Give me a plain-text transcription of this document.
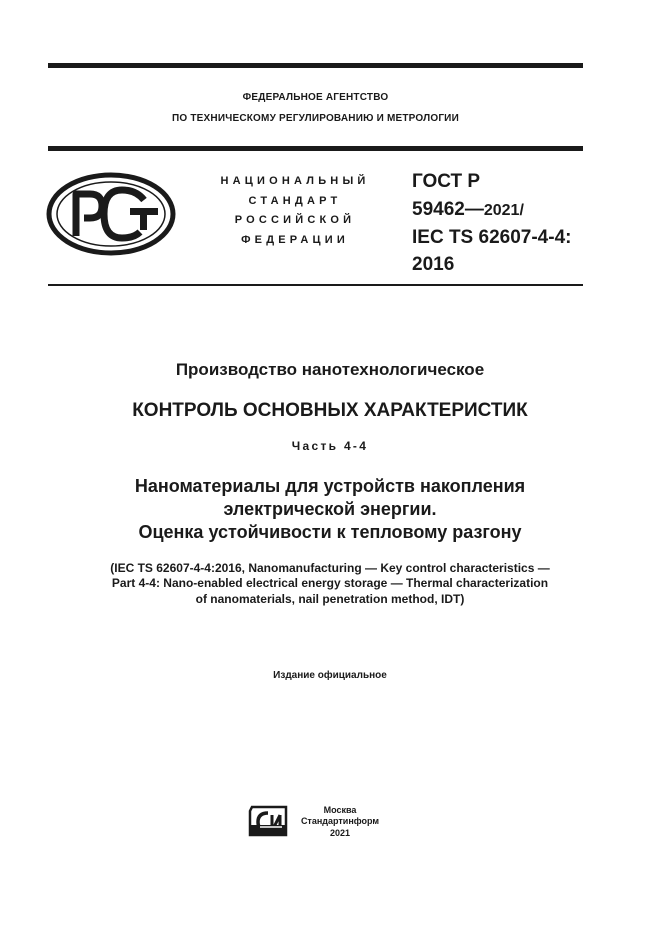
ФЕДЕРАЛЬНОЕ АГЕНТСТВО
ПО ТЕХНИЧЕСКОМУ РЕГУЛИРОВАНИЮ И МЕТРОЛОГИИ
НАЦИОНАЛЬНЫЙ
СТАНДАРТ
РОССИЙСКОЙ
ФЕДЕРАЦИИ
ГОСТ Р
59462—2021/
IEC TS 62607-4-4:
2016
Производство нанотехнологическое
КОНТРОЛЬ ОСНОВНЫХ ХАРАКТЕРИСТИК
Часть 4-4
Наноматериалы для устройств накопления
электрической энергии.
Оценка устойчивости к тепловому разгону
(IEC TS 62607-4-4:2016, Nanomanufacturing — Key control characteristics —
Part 4-4: Nano-enabled electrical energy storage — Thermal characterization
of nanomaterials, nail penetration method, IDT)
Издание официальное
Москва
Стандартинформ
2021
